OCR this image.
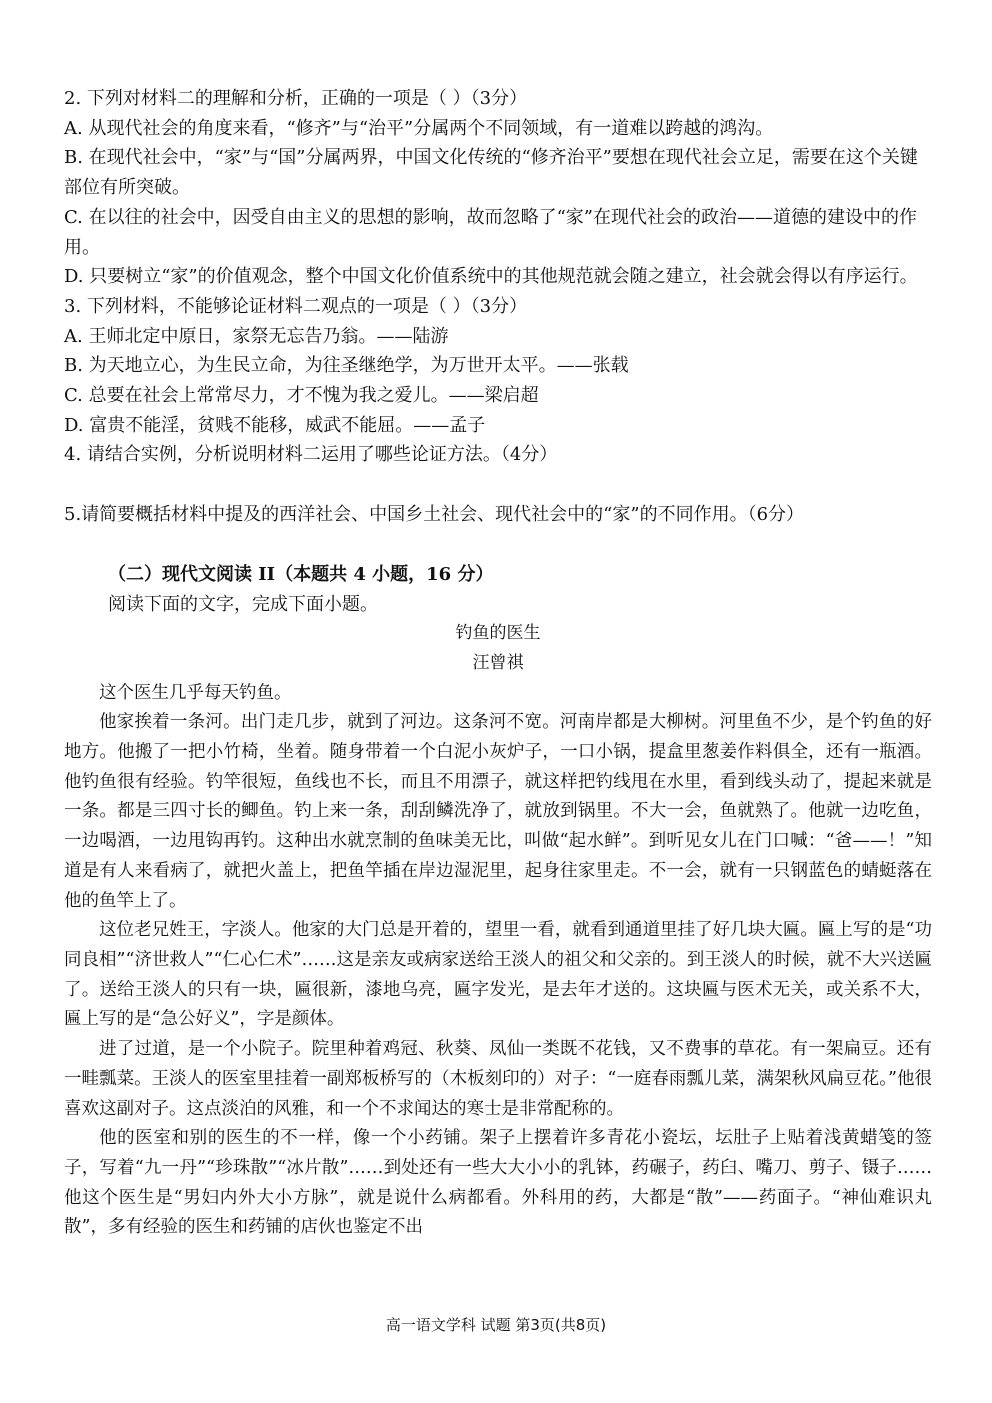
2. 下列对材料二的理解和分析，正确的一项是（ ）（3分）

A. 从现代社会的角度来看，“修齐”与“治平”分属两个不同领域，有一道难以跨越的鸿沟。

B. 在现代社会中，“家”与“国”分属两界，中国文化传统的“修齐治平”要想在现代社会立足，需要在这个关键部位有所突破。

C. 在以往的社会中，因受自由主义的思想的影响，故而忽略了“家”在现代社会的政治——道德的建设中的作用。

D. 只要树立“家”的价值观念，整个中国文化价值系统中的其他规范就会随之建立，社会就会得以有序运行。

3. 下列材料，不能够论证材料二观点的一项是（ ）（3分）

A. 王师北定中原日，家祭无忘告乃翁。——陆游

B. 为天地立心，为生民立命，为往圣继绝学，为万世开太平。——张载

C. 总要在社会上常常尽力，才不愧为我之爱儿。——梁启超

D. 富贵不能淫，贫贱不能移，威武不能屈。——孟子

4. 请结合实例，分析说明材料二运用了哪些论证方法。（4分）

5.请简要概括材料中提及的西洋社会、中国乡土社会、现代社会中的“家”的不同作用。（6分）

（二）现代文阅读 II（本题共 4 小题，16 分）

阅读下面的文字，完成下面小题。

钓鱼的医生

汪曾祺

这个医生几乎每天钓鱼。

他家挨着一条河。出门走几步，就到了河边。这条河不宽。河南岸都是大柳树。河里鱼不少，是个钓鱼的好地方。他搬了一把小竹椅，坐着。随身带着一个白泥小灰炉子，一口小锅，提盒里葱姜作料俱全，还有一瓶酒。他钓鱼很有经验。钓竿很短，鱼线也不长，而且不用漂子，就这样把钓线甩在水里，看到线头动了，提起来就是一条。都是三四寸长的鲫鱼。钓上来一条，刮刮鳞洗净了，就放到锅里。不大一会，鱼就熟了。他就一边吃鱼，一边喝酒，一边甩钩再钓。这种出水就烹制的鱼味美无比，叫做“起水鲜”。到听见女儿在门口喊：“爸——！”知道是有人来看病了，就把火盖上，把鱼竿插在岸边湿泥里，起身往家里走。不一会，就有一只钢蓝色的蜻蜓落在他的鱼竿上了。

这位老兄姓王，字淡人。他家的大门总是开着的，望里一看，就看到通道里挂了好几块大匾。匾上写的是“功同良相”“济世救人”“仁心仁术”……这是亲友或病家送给王淡人的祖父和父亲的。到王淡人的时候，就不大兴送匾了。送给王淡人的只有一块，匾很新，漆地乌亮，匾字发光，是去年才送的。这块匾与医术无关，或关系不大，匾上写的是“急公好义”，字是颜体。

进了过道，是一个小院子。院里种着鸡冠、秋葵、凤仙一类既不花钱，又不费事的草花。有一架扁豆。还有一畦瓢菜。王淡人的医室里挂着一副郑板桥写的（木板刻印的）对子：“一庭春雨瓢儿菜，满架秋风扁豆花。”他很喜欢这副对子。这点淡泊的风雅，和一个不求闻达的寒士是非常配称的。

他的医室和别的医生的不一样，像一个小药铺。架子上摆着许多青花小瓷坛，坛肚子上贴着浅黄蜡笺的签子，写着“九一丹”“珍珠散”“冰片散”……到处还有一些大大小小的乳钵，药碾子，药臼、嘴刀、剪子、镊子……他这个医生是“男妇内外大小方脉”，就是说什么病都看。外科用的药，大都是“散”——药面子。“神仙难识丸散”，多有经验的医生和药铺的店伙也鉴定不出

高一语文学科 试题 第3页(共8页)
